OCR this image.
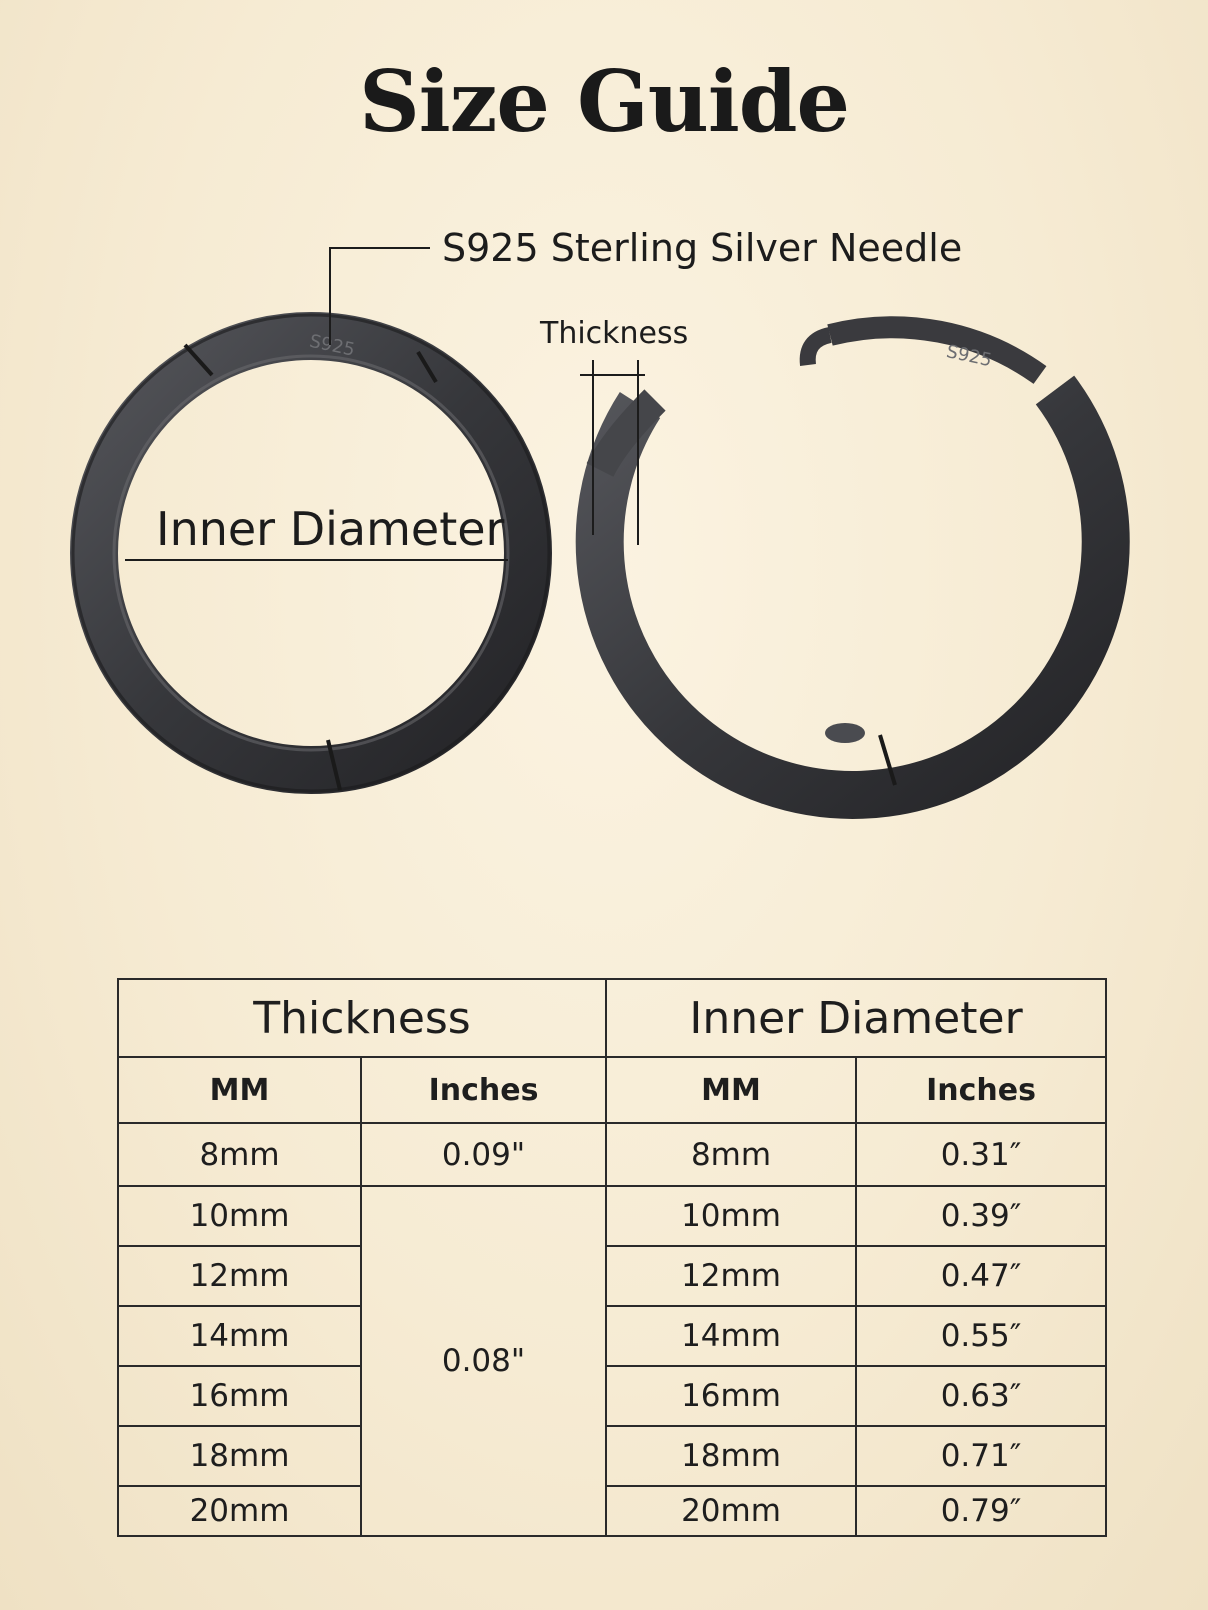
Size Guide
S925	S925
S925 Sterling Silver Needle
Thickness
Inner Diameter
Thickness		Inner Diameter	
MM	Inches	MM	Inches
8mm	0.09"	8mm	0.31″
10mm	0.08"	10mm	0.39″
12mm		12mm	0.47″
14mm		14mm	0.55″
16mm		16mm	0.63″
18mm		18mm	0.71″
20mm		20mm	0.79″
